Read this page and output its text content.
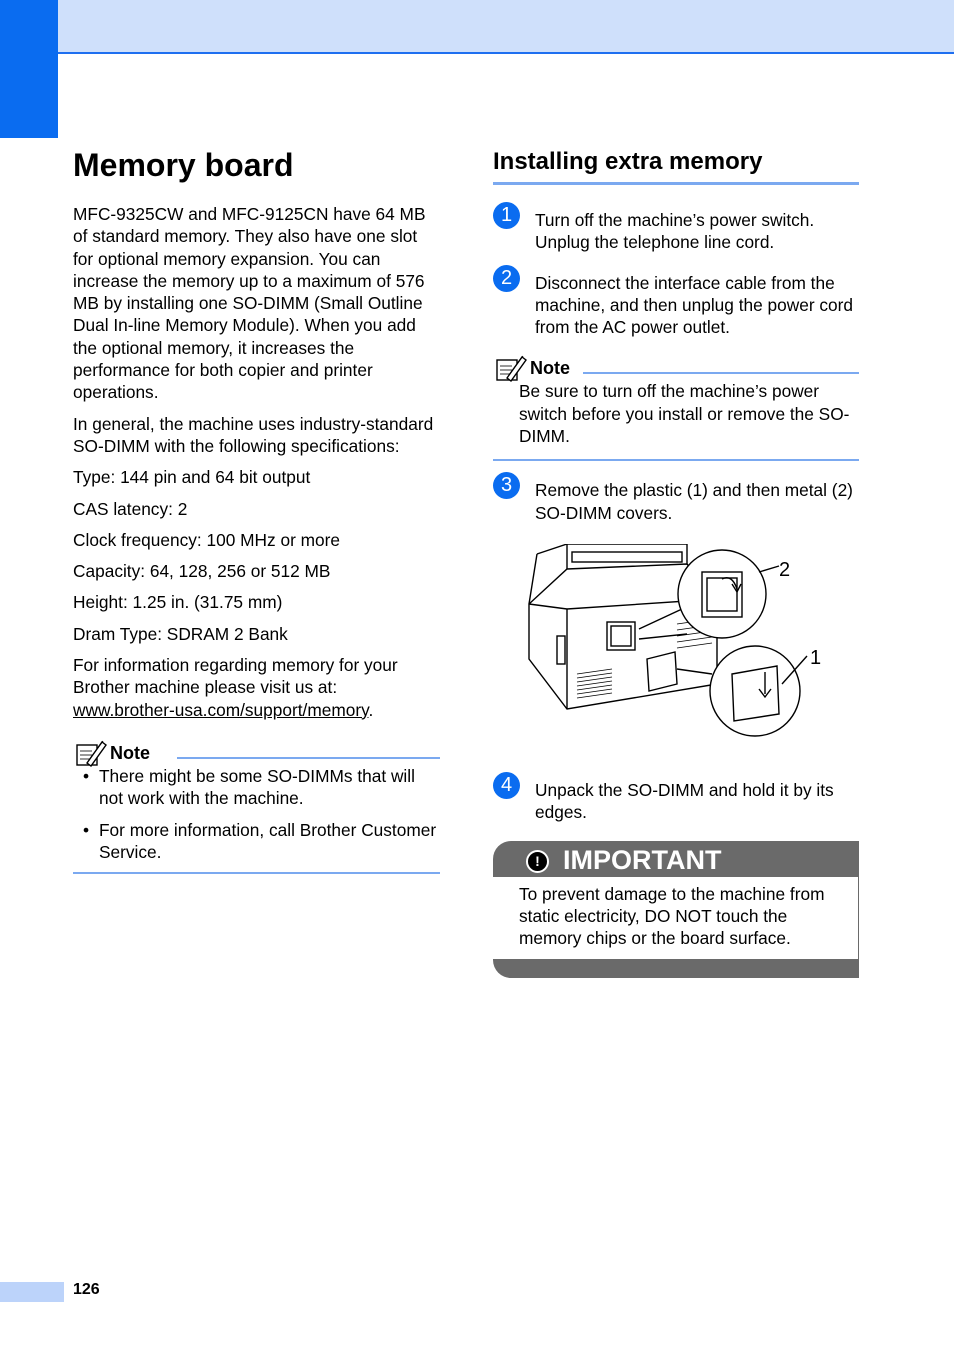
Memory board

MFC-9325CW and MFC-9125CN have 64 MB of standard memory. They also have one slot for optional memory expansion. You can increase the memory up to a maximum of 576 MB by installing one SO-DIMM (Small Outline Dual In-line Memory Module). When you add the optional memory, it increases the performance for both copier and printer operations.

In general, the machine uses industry-standard SO-DIMM with the following specifications:

Type: 144 pin and 64 bit output
CAS latency: 2
Clock frequency: 100 MHz or more
Capacity: 64, 128, 256 or 512 MB
Height: 1.25 in. (31.75 mm)
Dram Type: SDRAM 2 Bank

For information regarding memory for your Brother machine please visit us at:
www.brother-usa.com/support/memory.

Note
• There might be some SO-DIMMs that will not work with the machine.
• For more information, call Brother Customer Service.
Installing extra memory
1	Turn off the machine’s power switch. Unplug the telephone line cord.
2	Disconnect the interface cable from the machine, and then unplug the power cord from the AC power outlet.
Note
Be sure to turn off the machine’s power switch before you install or remove the SO-DIMM.
3	Remove the plastic (1) and then metal (2) SO-DIMM covers.
2
1
4	Unpack the SO-DIMM and hold it by its edges.
! IMPORTANT
To prevent damage to the machine from static electricity, DO NOT touch the memory chips or the board surface.
126
